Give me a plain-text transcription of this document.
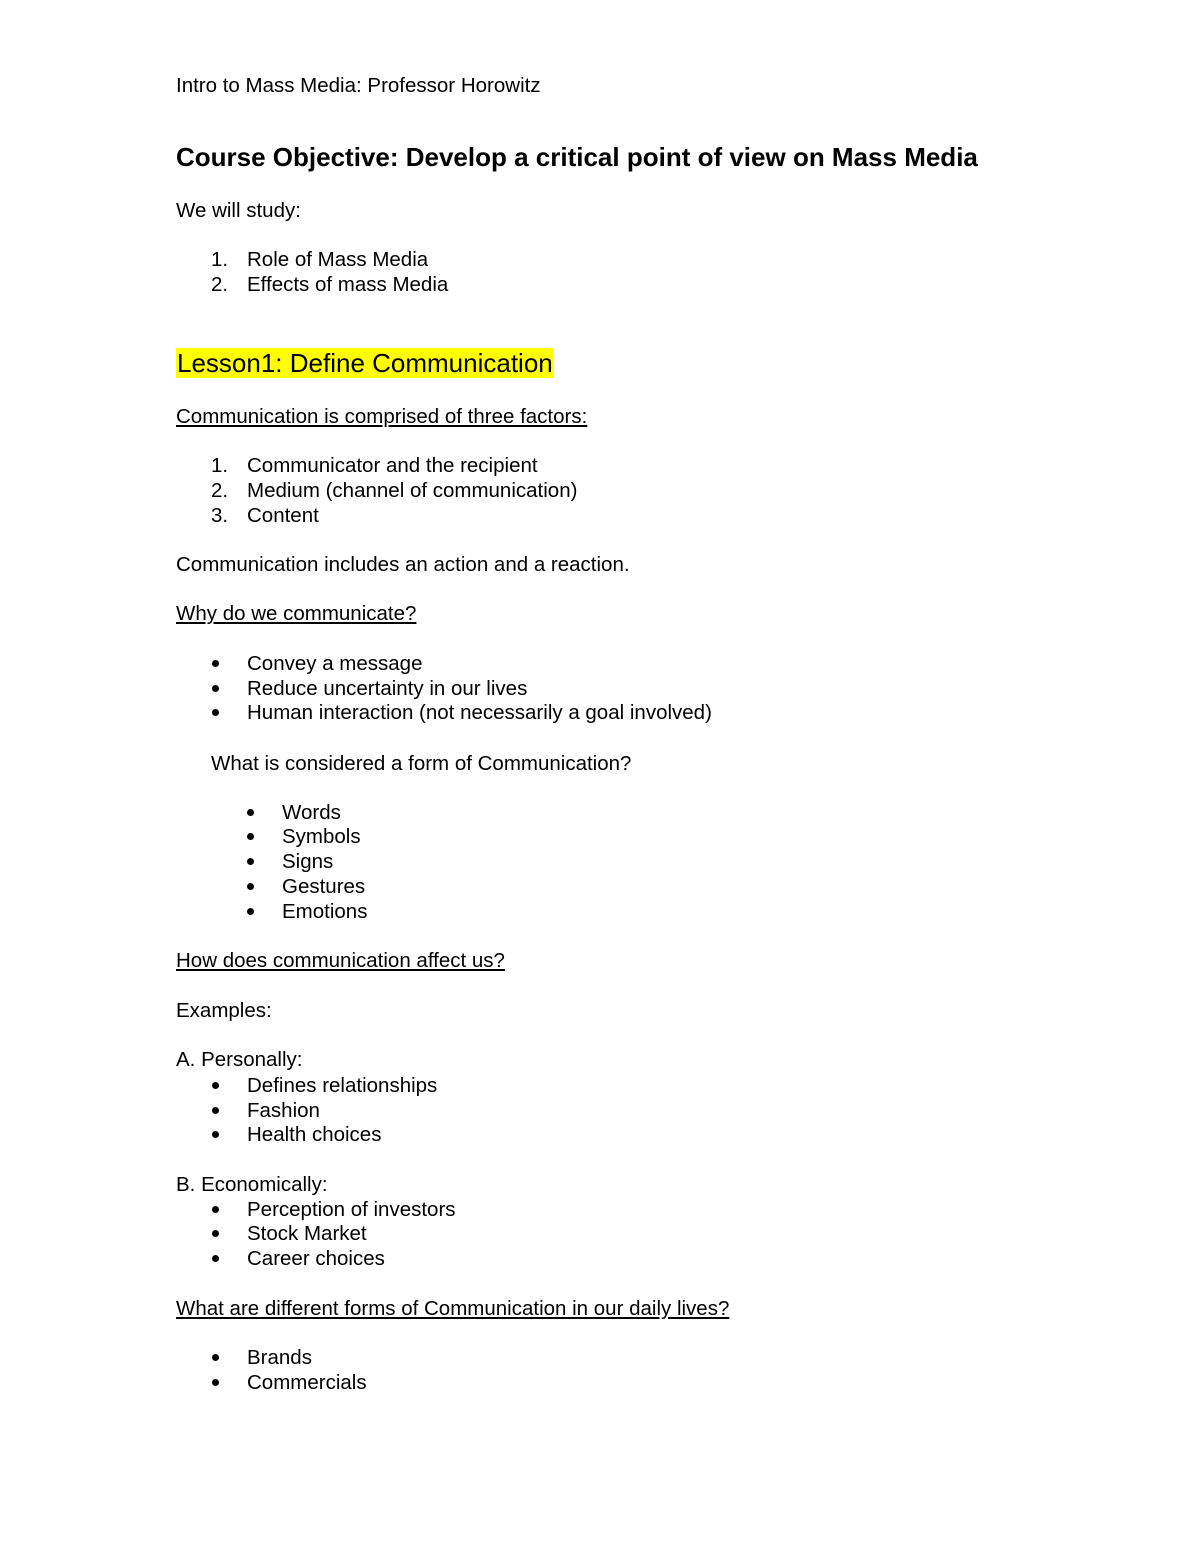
Intro to Mass Media: Professor Horowitz

Course Objective: Develop a critical point of view on Mass Media

We will study:

1. Role of Mass Media

2. Effects of mass Media

Lesson1: Define Communication

Communication is comprised of three factors:

1. Communicator and the recipient

2. Medium (channel of communication)

3. Content

Communication includes an action and a reaction.

Why do we communicate?

Convey a message

Reduce uncertainty in our lives

Human interaction (not necessarily a goal involved)

What is considered a form of Communication?

Words

Symbols

Signs

Gestures

Emotions

How does communication affect us?

Examples:

A. Personally:

Defines relationships

Fashion

Health choices

B. Economically:

Perception of investors

Stock Market

Career choices

What are different forms of Communication in our daily lives?

Brands

Commercials
